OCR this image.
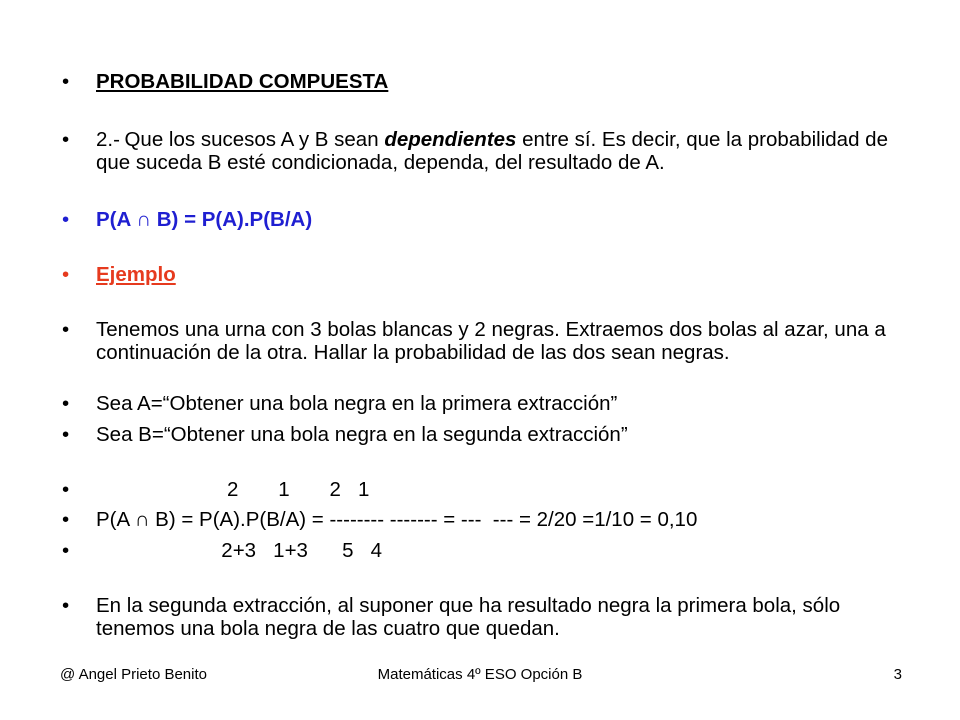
• PROBABILIDAD COMPUESTA
• 2.-	Que los sucesos A y B sean dependientes entre sí. Es decir, que la probabilidad de que suceda B esté condicionada, dependa, del resultado de A.
• P(A ∩ B) = P(A).P(B/A)
• Ejemplo
• Tenemos una urna con 3 bolas blancas y 2 negras. Extraemos dos bolas al azar, una a continuación de la otra. Hallar la probabilidad de las dos sean negras.
• Sea A=“Obtener una bola negra en la primera extracción”
• Sea B=“Obtener una bola negra en la segunda extracción”
• 2       1       2   1
• P(A ∩ B) = P(A).P(B/A) = -------- ------- = ---  --- = 2/20 =1/10 = 0,10
• 2+3   1+3      5   4
• En la segunda extracción, al suponer que ha resultado negra la primera bola, sólo tenemos una bola negra de las cuatro que quedan.
@ Angel Prieto Benito	Matemáticas 4º ESO Opción B	3
